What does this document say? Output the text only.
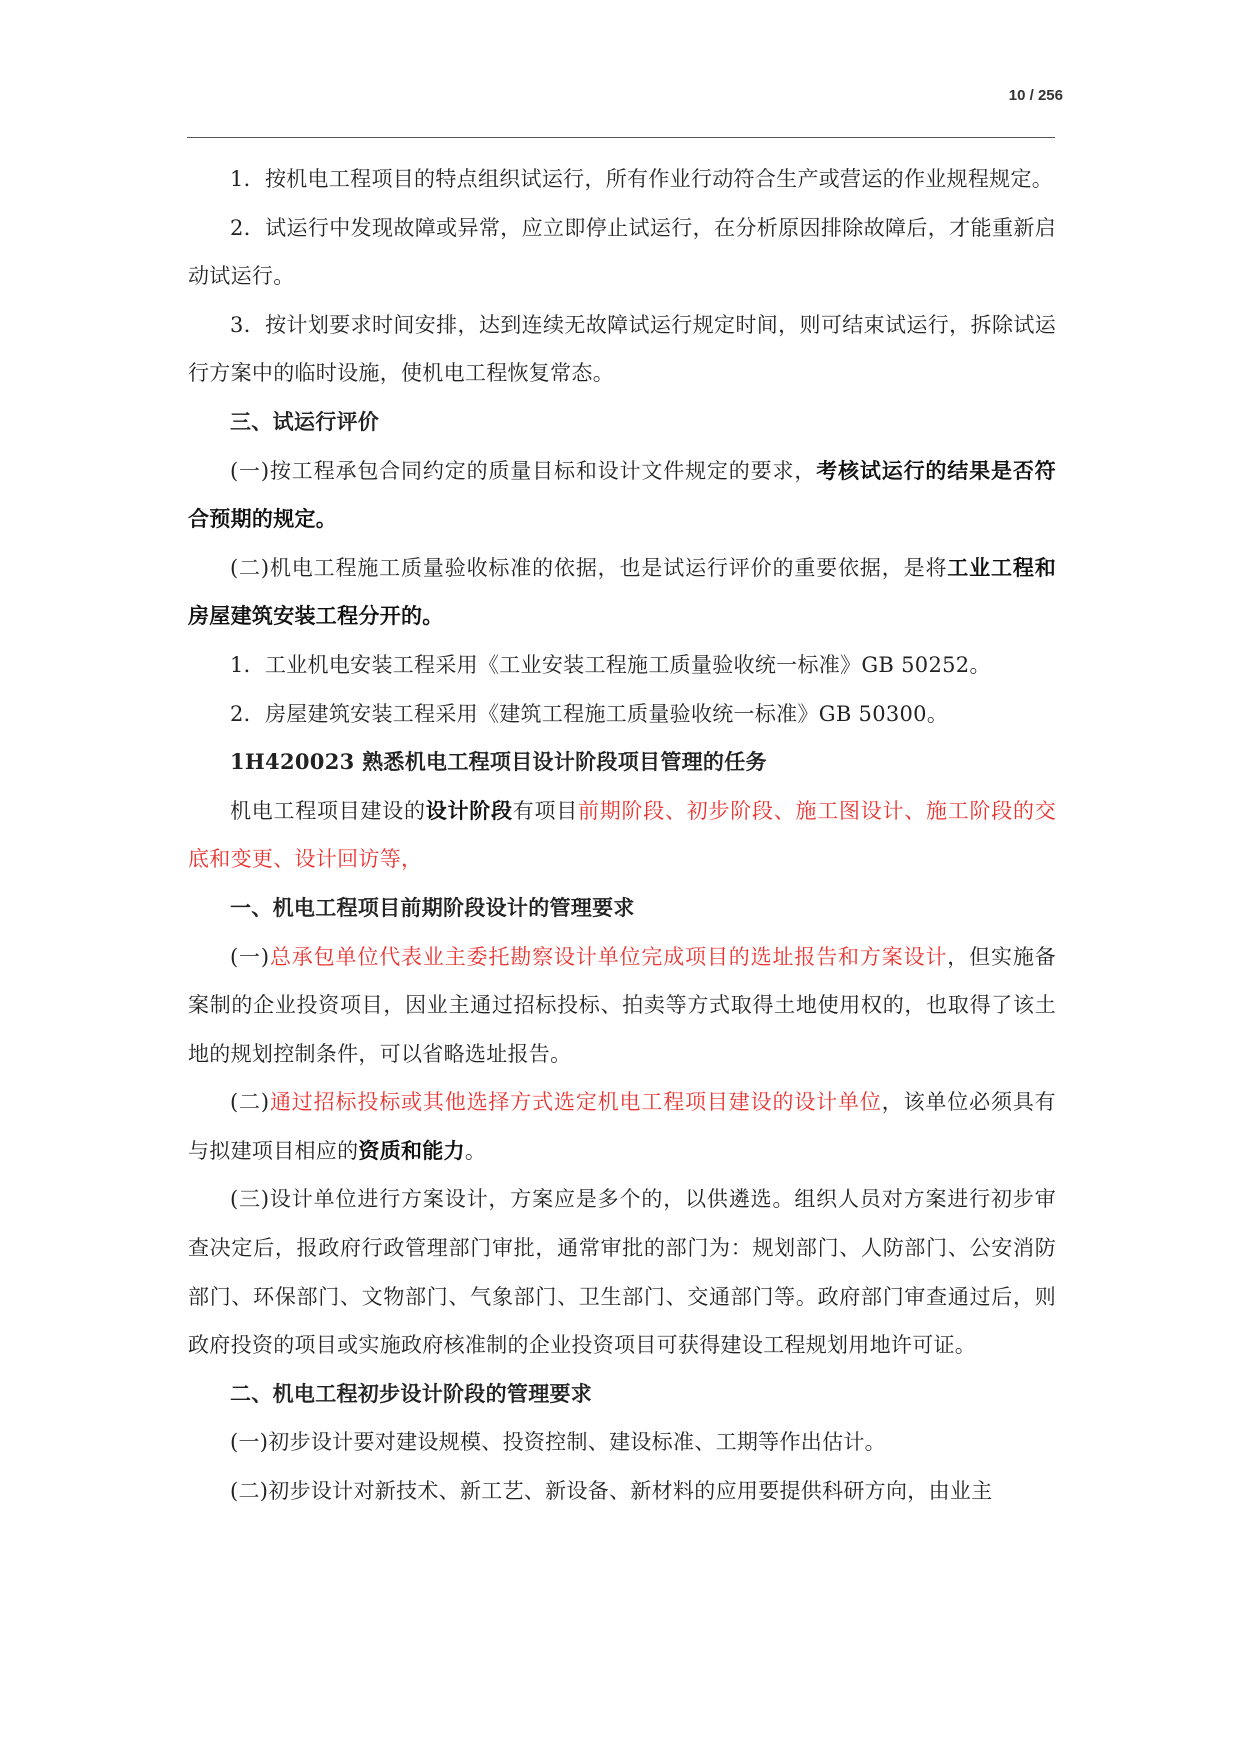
10 / 256

1．按机电工程项目的特点组织试运行，所有作业行动符合生产或营运的作业规程规定。

2．试运行中发现故障或异常，应立即停止试运行，在分析原因排除故障后，才能重新启动试运行。

3．按计划要求时间安排，达到连续无故障试运行规定时间，则可结束试运行，拆除试运行方案中的临时设施，使机电工程恢复常态。

三、试运行评价

(一)按工程承包合同约定的质量目标和设计文件规定的要求，考核试运行的结果是否符合预期的规定。

(二)机电工程施工质量验收标准的依据，也是试运行评价的重要依据，是将工业工程和房屋建筑安装工程分开的。

1．工业机电安装工程采用《工业安装工程施工质量验收统一标准》GB 50252。

2．房屋建筑安装工程采用《建筑工程施工质量验收统一标准》GB 50300。

1H420023 熟悉机电工程项目设计阶段项目管理的任务

机电工程项目建设的设计阶段有项目前期阶段、初步阶段、施工图设计、施工阶段的交底和变更、设计回访等，

一、机电工程项目前期阶段设计的管理要求

(一)总承包单位代表业主委托勘察设计单位完成项目的选址报告和方案设计，但实施备案制的企业投资项目，因业主通过招标投标、拍卖等方式取得土地使用权的，也取得了该土地的规划控制条件，可以省略选址报告。

(二)通过招标投标或其他选择方式选定机电工程项目建设的设计单位，该单位必须具有与拟建项目相应的资质和能力。

(三)设计单位进行方案设计，方案应是多个的，以供遴选。组织人员对方案进行初步审查决定后，报政府行政管理部门审批，通常审批的部门为：规划部门、人防部门、公安消防部门、环保部门、文物部门、气象部门、卫生部门、交通部门等。政府部门审查通过后，则政府投资的项目或实施政府核准制的企业投资项目可获得建设工程规划用地许可证。

二、机电工程初步设计阶段的管理要求

(一)初步设计要对建设规模、投资控制、建设标准、工期等作出估计。

(二)初步设计对新技术、新工艺、新设备、新材料的应用要提供科研方向，由业主
